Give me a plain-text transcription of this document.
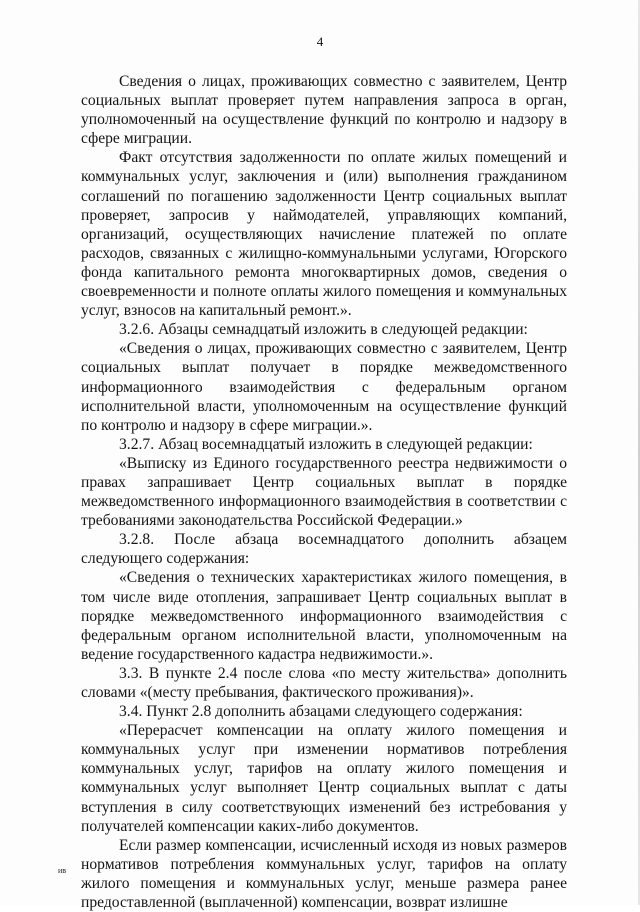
4

Сведения о лицах, проживающих совместно с заявителем, Центр социальных выплат проверяет путем направления запроса в орган, уполномоченный на осуществление функций по контролю и надзору в сфере миграции.

Факт отсутствия задолженности по оплате жилых помещений и коммунальных услуг, заключения и (или) выполнения гражданином соглашений по погашению задолженности Центр социальных выплат проверяет, запросив у наймодателей, управляющих компаний, организаций, осуществляющих начисление платежей по оплате расходов, связанных с жилищно-коммунальными услугами, Югорского фонда капитального ремонта многоквартирных домов, сведения о своевременности и полноте оплаты жилого помещения и коммунальных услуг, взносов на капитальный ремонт.».

3.2.6. Абзацы семнадцатый изложить в следующей редакции:

«Сведения о лицах, проживающих совместно с заявителем, Центр социальных выплат получает в порядке межведомственного информационного взаимодействия с федеральным органом исполнительной власти, уполномоченным на осуществление функций по контролю и надзору в сфере миграции.».

3.2.7. Абзац восемнадцатый изложить в следующей редакции:

«Выписку из Единого государственного реестра недвижимости о правах запрашивает Центр социальных выплат в порядке межведомственного информационного взаимодействия в соответствии с требованиями законодательства Российской Федерации.»

3.2.8. После абзаца восемнадцатого дополнить абзацем следующего содержания:

«Сведения о технических характеристиках жилого помещения, в том числе виде отопления, запрашивает Центр социальных выплат в порядке межведомственного информационного взаимодействия с федеральным органом исполнительной власти, уполномоченным на ведение государственного кадастра недвижимости.».

3.3. В пункте 2.4 после слова «по месту жительства» дополнить словами «(месту пребывания, фактического проживания)».

3.4. Пункт 2.8 дополнить абзацами следующего содержания:

«Перерасчет компенсации на оплату жилого помещения и коммунальных услуг при изменении нормативов потребления коммунальных услуг, тарифов на оплату жилого помещения и коммунальных услуг выполняет Центр социальных выплат с даты вступления в силу соответствующих изменений без истребования у получателей компенсации каких-либо документов.

Если размер компенсации, исчисленный исходя из новых размеров нормативов потребления коммунальных услуг, тарифов на оплату жилого помещения и коммунальных услуг, меньше размера ранее предоставленной (выплаченной) компенсации, возврат излишне

ив
